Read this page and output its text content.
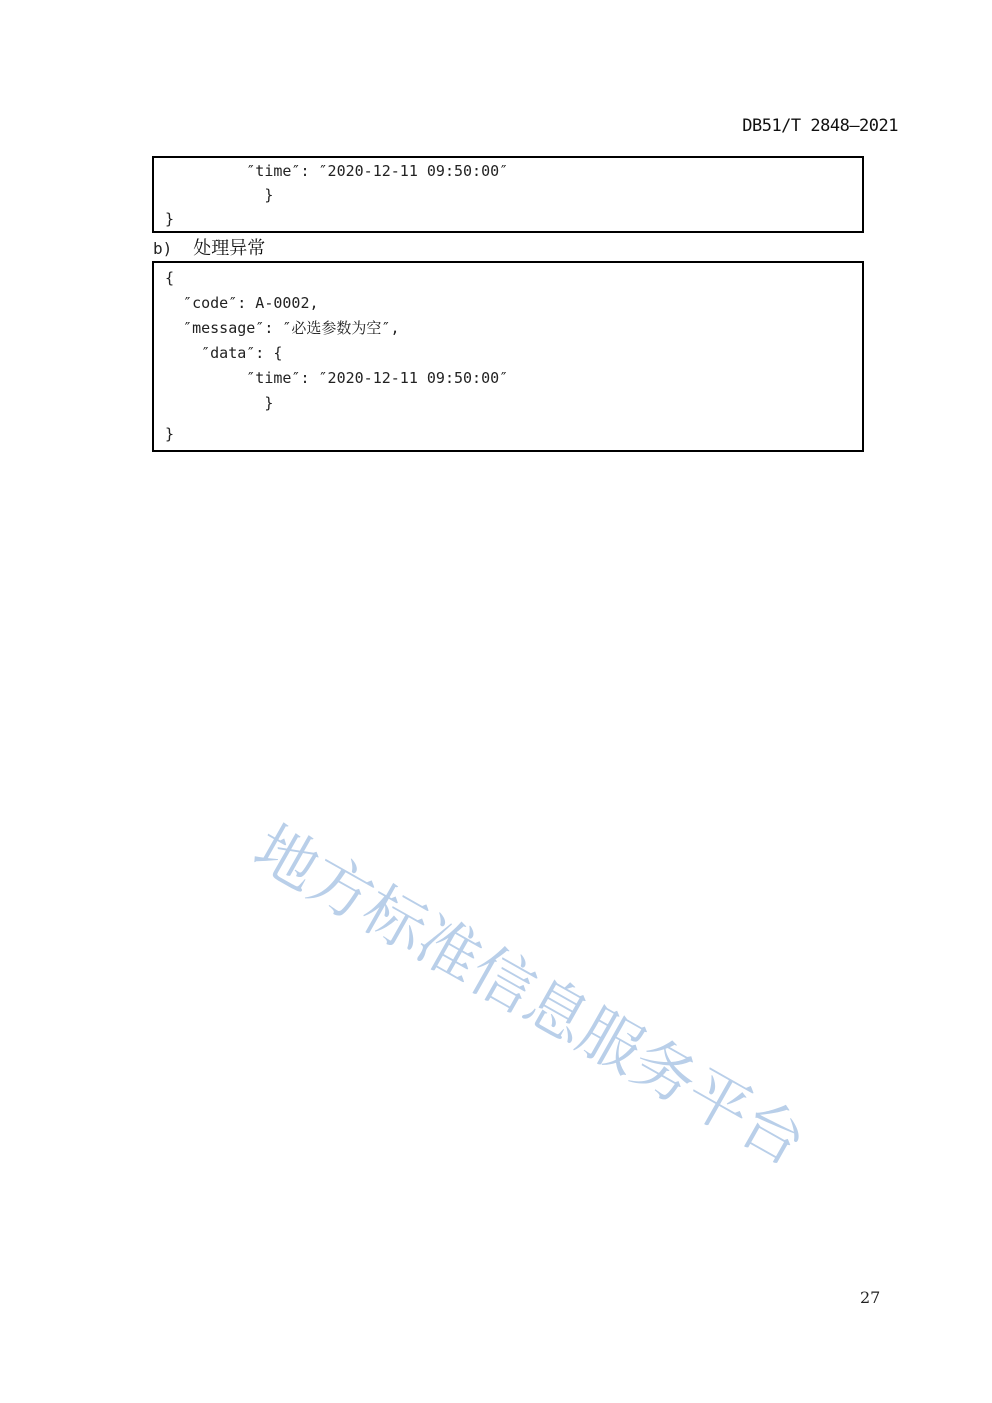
DB51/T 2848—2021
″time″: ″2020-12-11 09:50:00″
}
}
b) 处理异常
{
″code″: A-0002,
″message″: ″必选参数为空″,
″data″: {
″time″: ″2020-12-11 09:50:00″
}
}
地方标准信息服务平台
27
